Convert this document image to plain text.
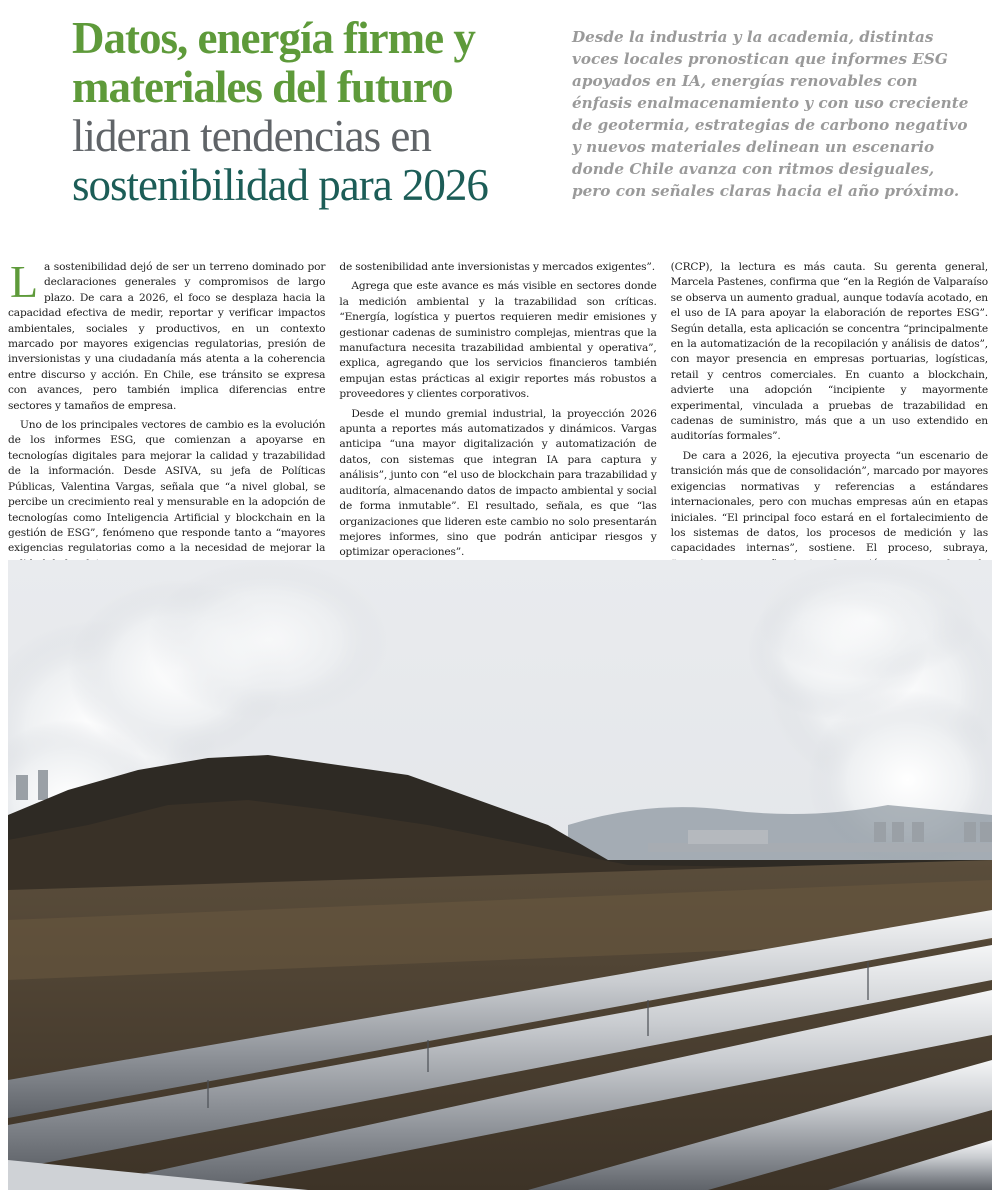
Datos, energía firme y
materiales del futuro
lideran tendencias en
sostenibilidad para 2026
Desde la industria y la academia, distintas voces locales pronostican que informes ESG apoyados en IA, energías renovables con énfasis enalmacenamiento y con uso creciente de geotermia, estrategias de carbono negativo y nuevos materiales delinean un escenario donde Chile avanza con ritmos desiguales, pero con señales claras hacia el año próximo.

La sostenibilidad dejó de ser un terreno dominado por declaraciones generales y compromisos de largo plazo. De cara a 2026, el foco se desplaza hacia la capacidad efectiva de medir, reportar y verificar impactos ambientales, sociales y productivos, en un contexto marcado por mayores exigencias regulatorias, presión de inversionistas y una ciudadanía más atenta a la coherencia entre discurso y acción. En Chile, ese tránsito se expresa con avances, pero también implica diferencias entre sectores y tamaños de empresa.

Uno de los principales vectores de cambio es la evolución de los informes ESG, que comienzan a apoyarse en tecnologías digitales para mejorar la calidad y trazabilidad de la información. Desde ASIVA, su jefa de Políticas Públicas, Valentina Vargas, señala que “a nivel global, se percibe un crecimiento real y mensurable en la adopción de tecnologías como Inteligencia Artificial y blockchain en la gestión de ESG”, fenómeno que responde tanto a “mayores exigencias regulatorias como a la necesidad de mejorar la

de sostenibilidad ante inversionistas y mercados exigentes”.

Agrega que este avance es más visible en sectores donde la medición ambiental y la trazabilidad son críticas. “Energía, logística y puertos requieren medir emisiones y gestionar cadenas de suministro complejas, mientras que la manufactura necesita trazabilidad ambiental y operativa”, explica, agregando que los servicios financieros también empujan estas prácticas al exigir reportes más robustos a proveedores y clientes corporativos.

Desde el mundo gremial industrial, la proyección 2026 apunta a reportes más automatizados y dinámicos. Vargas anticipa “una mayor digitalización y automatización de datos, con sistemas que integran IA para captura y análisis”, junto con “el uso de blockchain para trazabilidad y auditoría, almacenando datos de impacto ambiental y social de forma inmutable”. El resultado, señala, es que “las organizaciones que lideren este cambio no solo presentarán mejores informes, sino que podrán anticipar riesgos y optimizar operaciones”.

(CRCP), la lectura es más cauta. Su gerenta general, Marcela Pastenes, confirma que “en la Región de Valparaíso se observa un aumento gradual, aunque todavía acotado, en el uso de IA para apoyar la elaboración de reportes ESG”. Según detalla, esta aplicación se concentra “principalmente en la automatización de la recopilación y análisis de datos”, con mayor presencia en empresas portuarias, logísticas, retail y centros comerciales. En cuanto a blockchain, advierte una adopción “incipiente y mayormente experimental, vinculada a pruebas de trazabilidad en cadenas de suministro, más que a un uso extendido en auditorías formales”.

De cara a 2026, la ejecutiva proyecta “un escenario de transición más que de consolidación”, marcado por mayores exigencias normativas y referencias a estándares internacionales, pero con muchas empresas aún en etapas iniciales. “El principal foco estará en el fortalecimiento de los sistemas de datos, los procesos de medición y las capacidades internas”, sostiene. El proceso, subraya,
